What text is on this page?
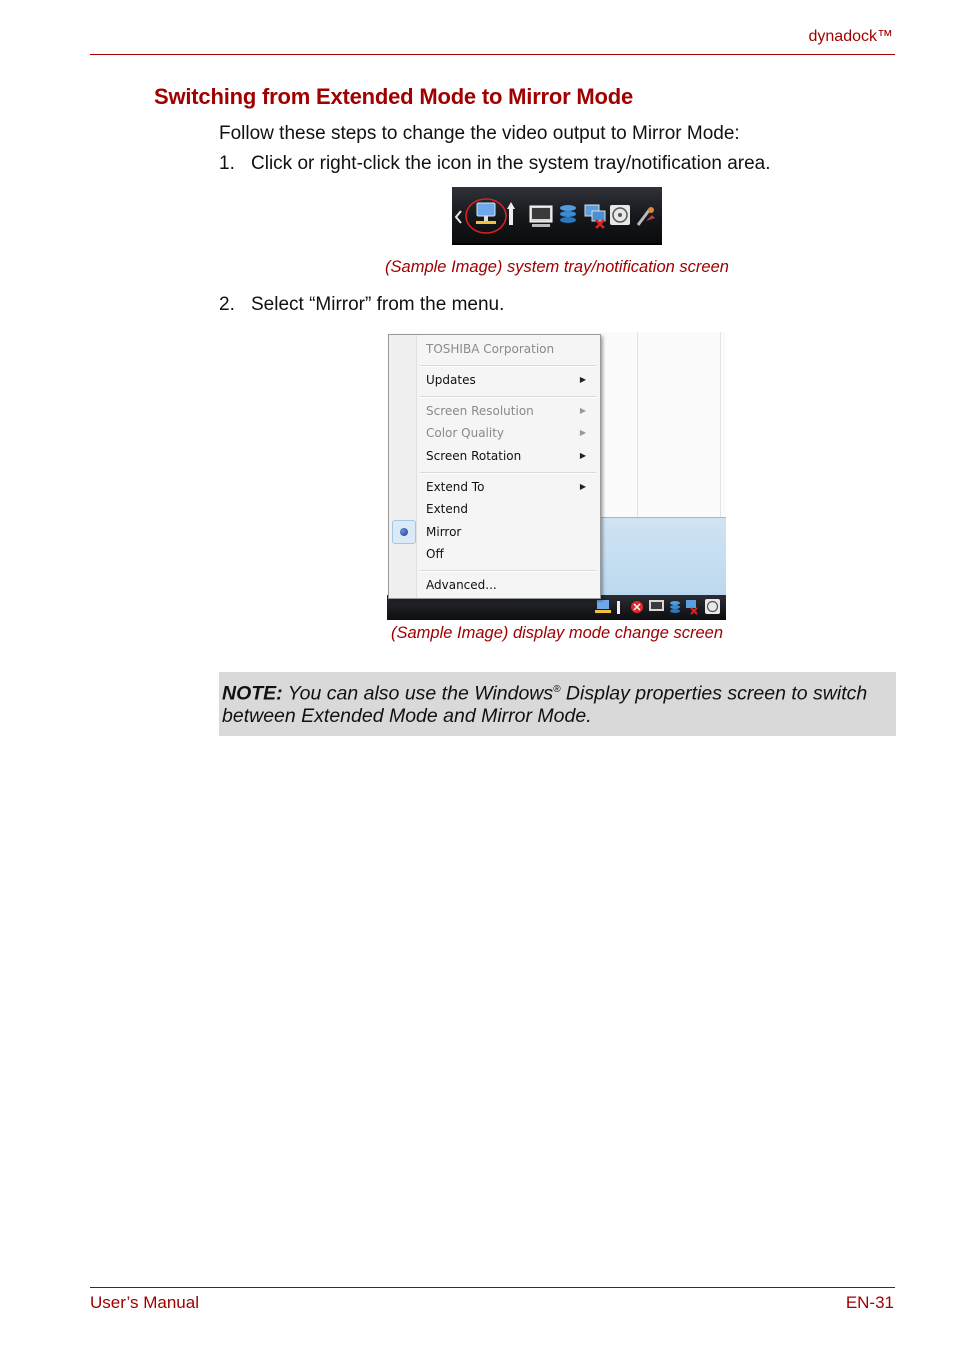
dynadock™
Switching from Extended Mode to Mirror Mode
Follow these steps to change the video output to Mirror Mode:
1. Click or right-click the icon in the system tray/notification area.
(Sample Image) system tray/notification screen
2. Select “Mirror” from the menu.
TOSHIBA Corporation
Updates	▶
Screen Resolution	▶
Color Quality	▶
Screen Rotation	▶
Extend To	▶
Extend
Mirror
Off
Advanced...
(Sample Image) display mode change screen
NOTE: You can also use the Windows® Display properties screen to switch between Extended Mode and Mirror Mode.
User’s Manual	EN-31
